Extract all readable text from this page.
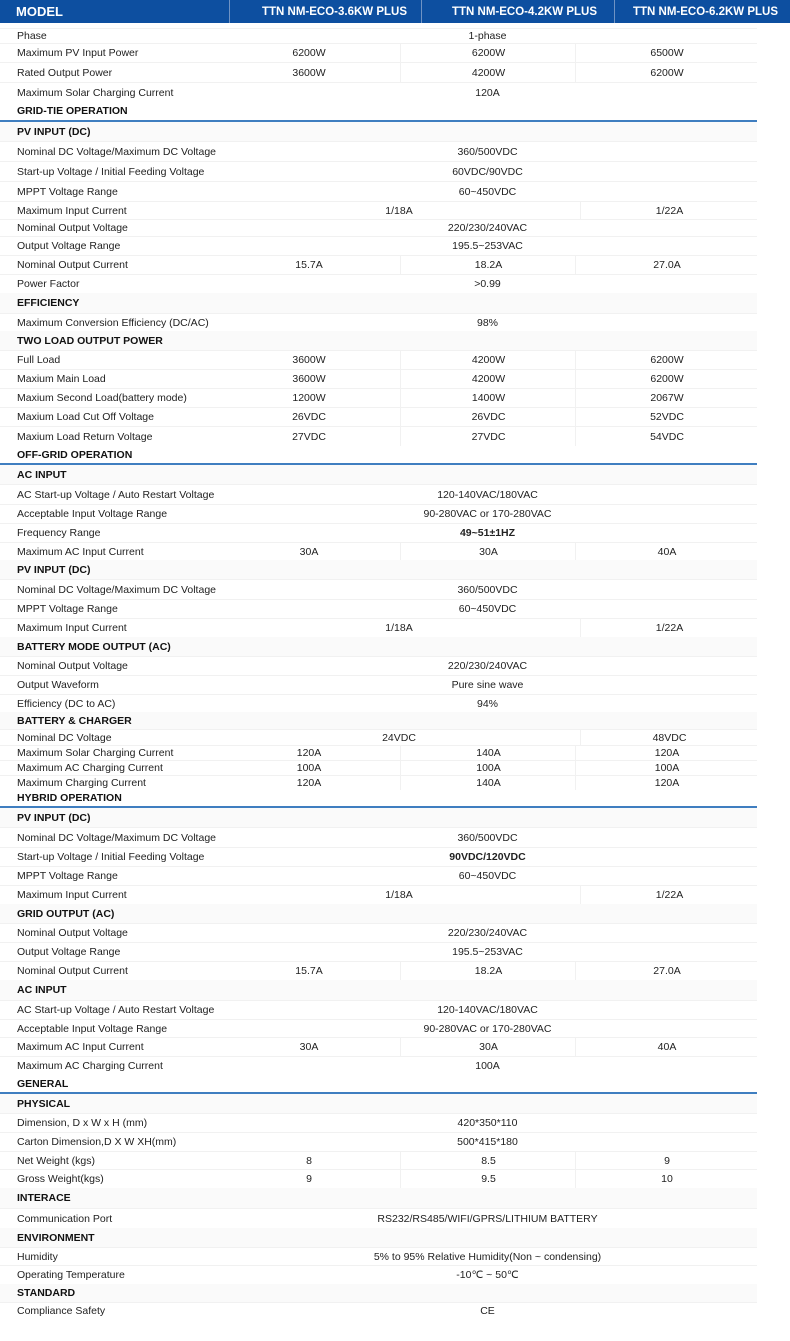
MODEL	TTN NM-ECO-3.6KW PLUS	TTN NM-ECO-4.2KW PLUS	TTN NM-ECO-6.2KW PLUS
Phase	1-phase
Maximum PV Input Power	6200W	6200W	6500W
Rated Output Power	3600W	4200W	6200W
Maximum Solar Charging Current	120A
GRID-TIE OPERATION
PV INPUT (DC)
Nominal DC Voltage/Maximum DC Voltage	360/500VDC
Start-up Voltage / Initial Feeding Voltage	60VDC/90VDC
MPPT Voltage Range	60~450VDC
Maximum Input Current	1/18A	1/22A
Nominal Output Voltage	220/230/240VAC
Output Voltage Range	195.5~253VAC
Nominal Output Current	15.7A	18.2A	27.0A
Power Factor	>0.99
EFFICIENCY
Maximum Conversion Efficiency (DC/AC)	98%
TWO LOAD OUTPUT POWER
Full Load	3600W	4200W	6200W
Maxium Main Load	3600W	4200W	6200W
Maxium Second Load(battery mode)	1200W	1400W	2067W
Maxium Load Cut Off Voltage	26VDC	26VDC	52VDC
Maxium Load Return Voltage	27VDC	27VDC	54VDC
OFF-GRID OPERATION
AC INPUT
AC Start-up Voltage / Auto Restart Voltage	120-140VAC/180VAC
Acceptable Input Voltage Range	90-280VAC or 170-280VAC
Frequency Range	49~51±1HZ
Maximum AC Input Current	30A	30A	40A
PV INPUT (DC)
Nominal DC Voltage/Maximum DC Voltage	360/500VDC
MPPT Voltage Range	60~450VDC
Maximum Input Current	1/18A	1/22A
BATTERY MODE OUTPUT (AC)
Nominal Output Voltage	220/230/240VAC
Output Waveform	Pure sine wave
Efficiency (DC to AC)	94%
BATTERY & CHARGER
Nominal DC Voltage	24VDC	48VDC
Maximum Solar Charging Current	120A	140A	120A
Maximum AC Charging Current	100A	100A	100A
Maximum Charging Current	120A	140A	120A
HYBRID OPERATION
PV INPUT (DC)
Nominal DC Voltage/Maximum DC Voltage	360/500VDC
Start-up Voltage / Initial Feeding Voltage	90VDC/120VDC
MPPT Voltage Range	60~450VDC
Maximum Input Current	1/18A	1/22A
GRID OUTPUT (AC)
Nominal Output Voltage	220/230/240VAC
Output Voltage Range	195.5~253VAC
Nominal Output Current	15.7A	18.2A	27.0A
AC INPUT
AC Start-up Voltage / Auto Restart Voltage	120-140VAC/180VAC
Acceptable Input Voltage Range	90-280VAC or 170-280VAC
Maximum AC Input Current	30A	30A	40A
Maximum AC Charging Current	100A
GENERAL
PHYSICAL
Dimension, D x W x H (mm)	420*350*110
Carton Dimension,D X W XH(mm)	500*415*180
Net Weight (kgs)	8	8.5	9
Gross Weight(kgs)	9	9.5	10
INTERACE
Communication Port	RS232/RS485/WIFI/GPRS/LITHIUM BATTERY
ENVIRONMENT
Humidity	5% to 95% Relative Humidity(Non ~ condensing)
Operating Temperature	-10℃ ~ 50℃
STANDARD
Compliance Safety	CE
